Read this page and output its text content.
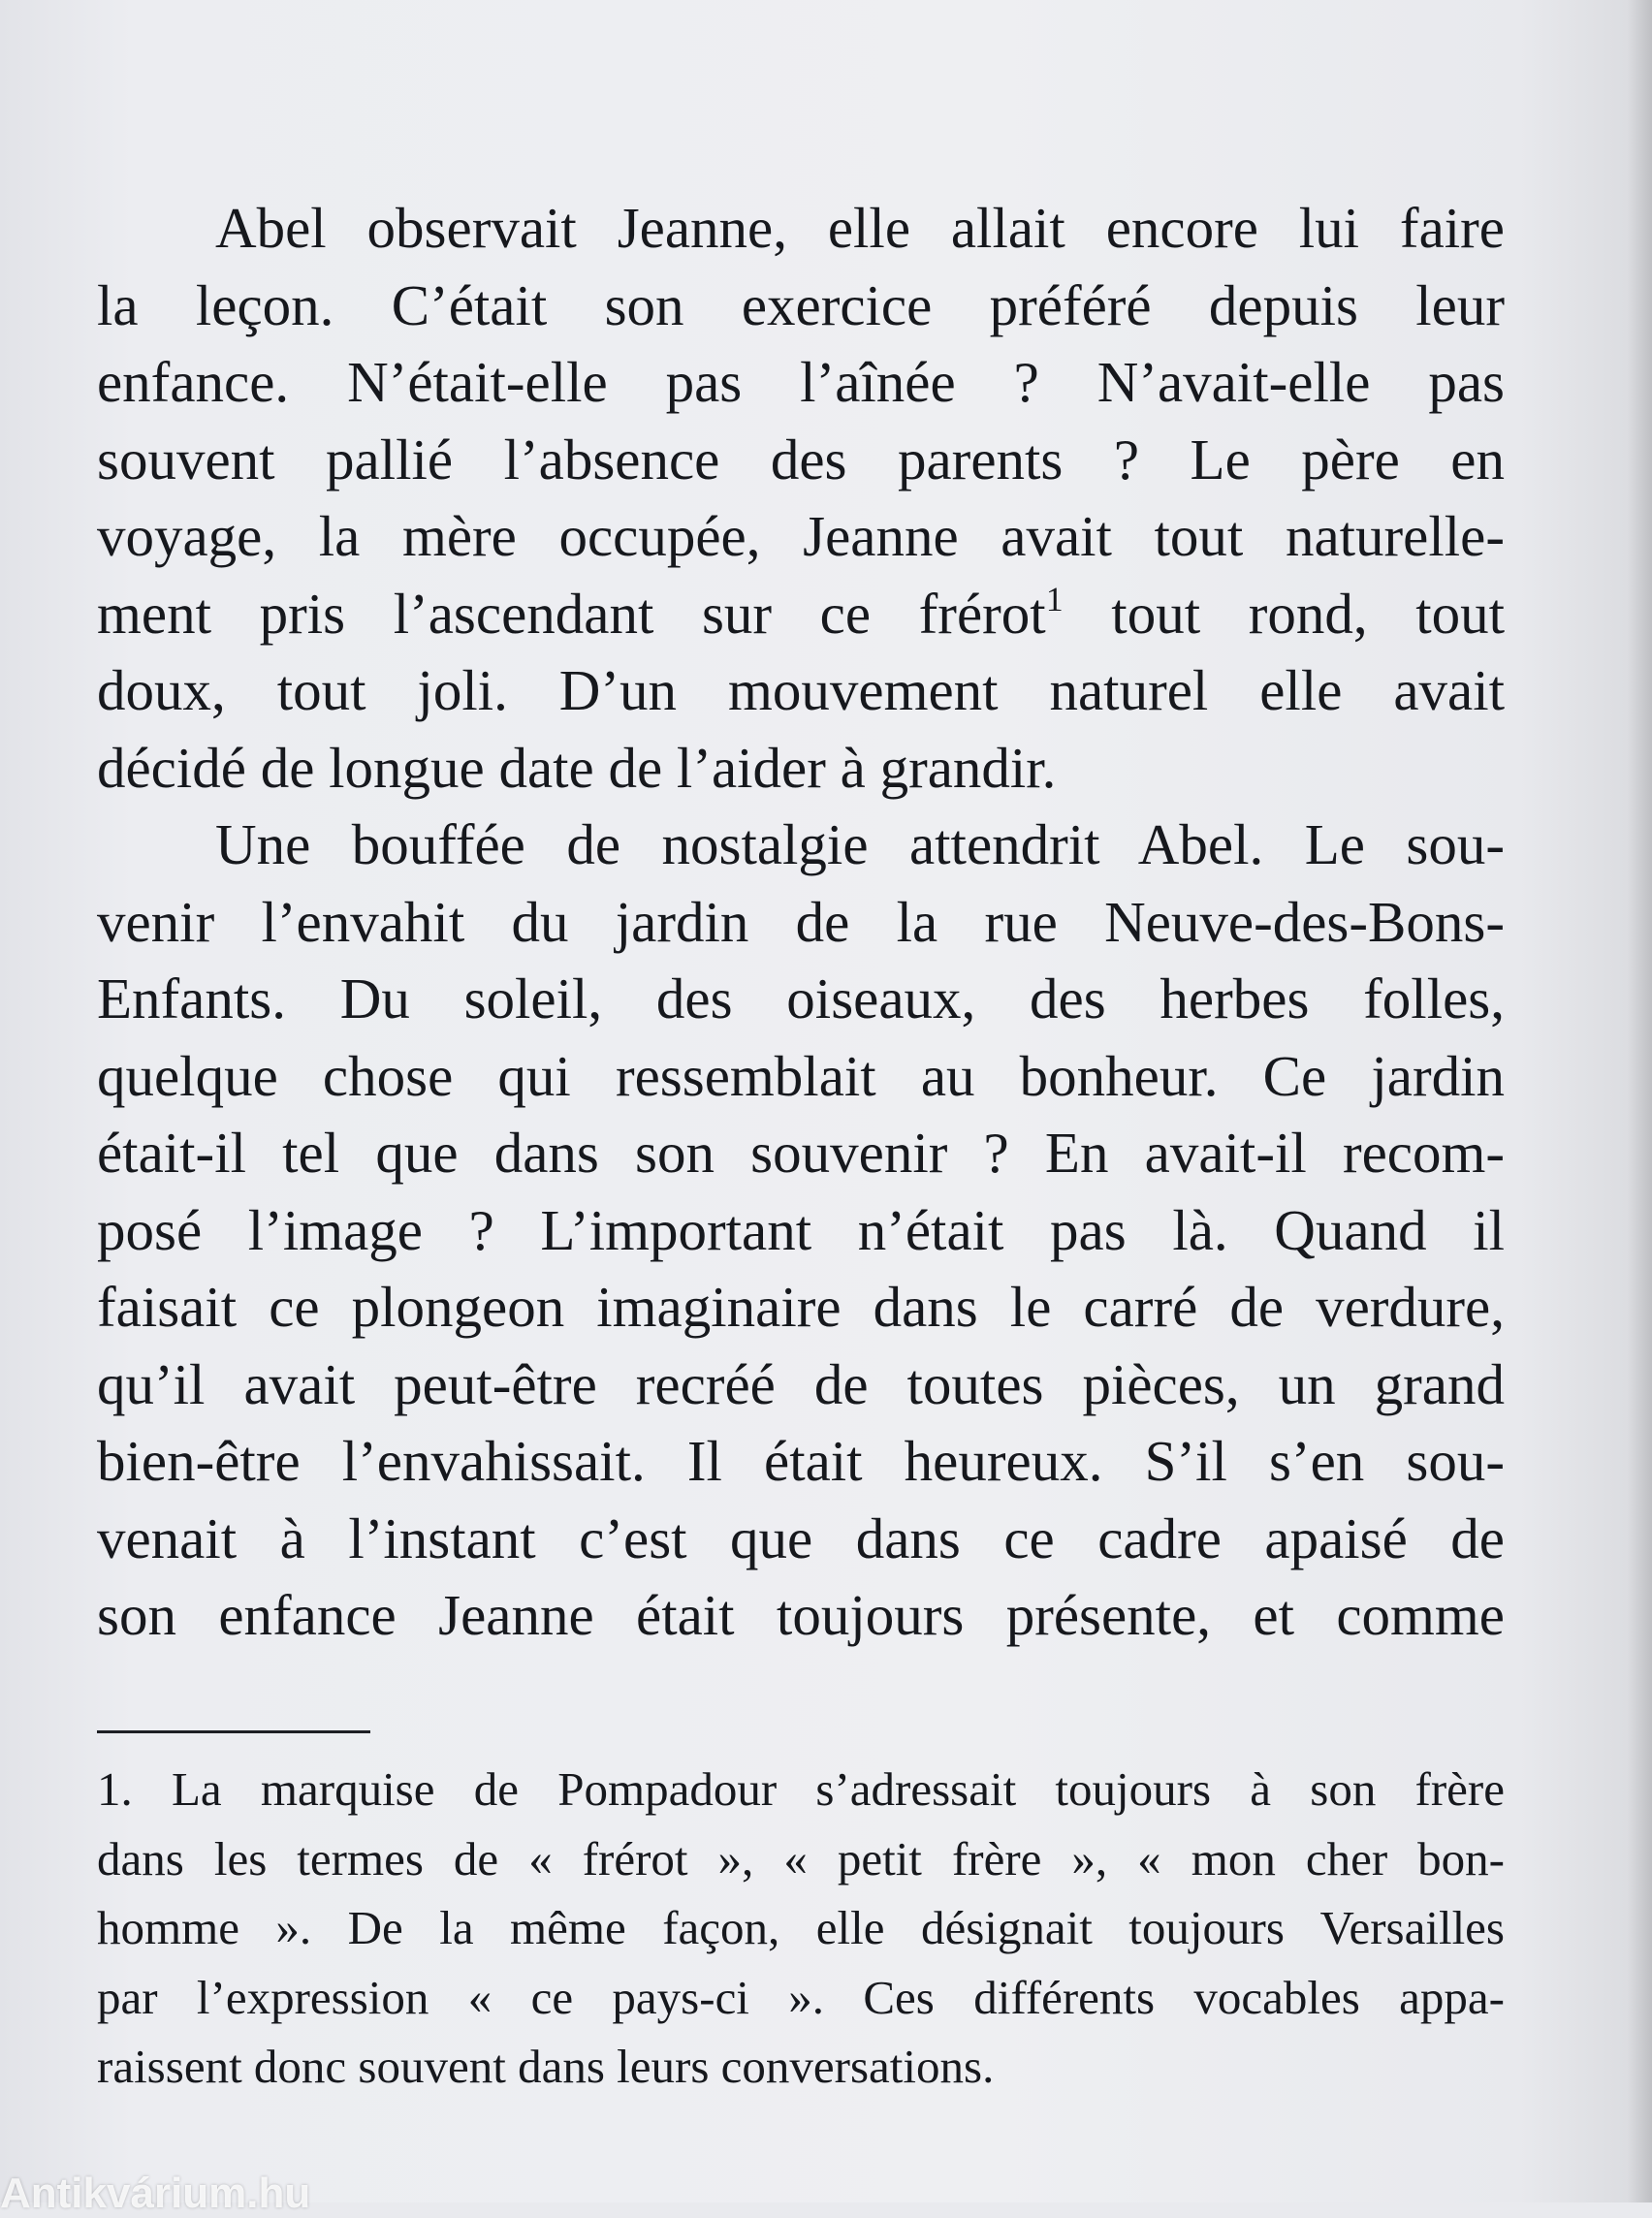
Abel observait Jeanne, elle allait encore lui faire
la leçon. C’était son exercice préféré depuis leur
enfance. N’était-elle pas l’aînée ? N’avait-elle pas
souvent pallié l’absence des parents ? Le père en
voyage, la mère occupée, Jeanne avait tout naturelle-
ment pris l’ascendant sur ce frérot$^1$ tout rond, tout
doux, tout joli. D’un mouvement naturel elle avait
décidé de longue date de l’aider à grandir.
Une bouffée de nostalgie attendrit Abel. Le sou-
venir l’envahit du jardin de la rue Neuve-des-Bons-
Enfants. Du soleil, des oiseaux, des herbes folles,
quelque chose qui ressemblait au bonheur. Ce jardin
était-il tel que dans son souvenir ? En avait-il recom-
posé l’image ? L’important n’était pas là. Quand il
faisait ce plongeon imaginaire dans le carré de verdure,
qu’il avait peut-être recréé de toutes pièces, un grand
bien-être l’envahissait. Il était heureux. S’il s’en sou-
venait à l’instant c’est que dans ce cadre apaisé de
son enfance Jeanne était toujours présente, et comme
1. La marquise de Pompadour s’adressait toujours à son frère
dans les termes de « frérot », « petit frère », « mon cher bon-
homme ». De la même façon, elle désignait toujours Versailles
par l’expression « ce pays-ci ». Ces différents vocables appa-
raissent donc souvent dans leurs conversations.
Antikvárium.hu
